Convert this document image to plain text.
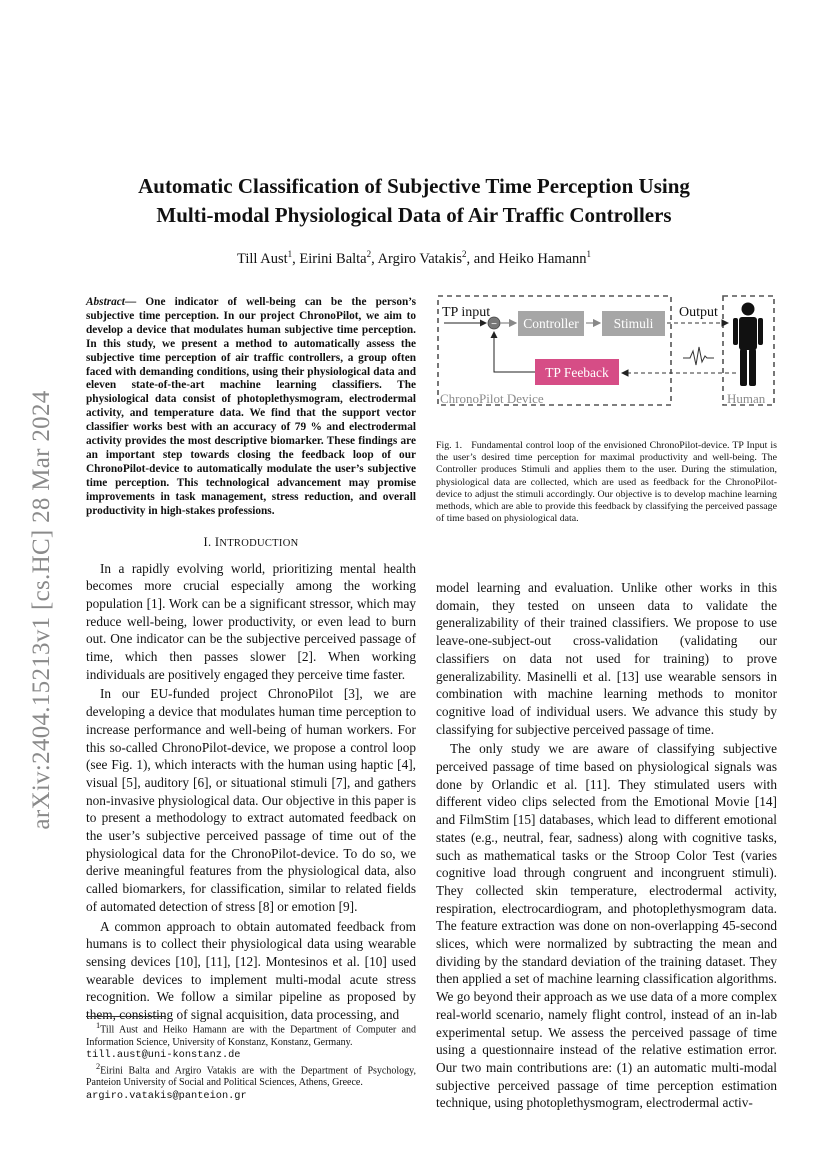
arXiv:2404.15213v1 [cs.HC] 28 Mar 2024
Automatic Classification of Subjective Time Perception Using
Multi-modal Physiological Data of Air Traffic Controllers
Till Aust$^1$, Eirini Balta$^2$, Argiro Vatakis$^2$, and Heiko Hamann$^1$

Abstract— One indicator of well-being can be the person’s subjective time perception. In our project ChronoPilot, we aim to develop a device that modulates human subjective time perception. In this study, we present a method to automatically assess the subjective time perception of air traffic controllers, a group often faced with demanding conditions, using their physiological data and eleven state-of-the-art machine learning classifiers. The physiological data consist of photoplethysmogram, electrodermal activity, and temperature data. We find that the support vector classifier works best with an accuracy of 79 % and electrodermal activity provides the most descriptive biomarker. These findings are an important step towards closing the feedback loop of our ChronoPilot-device to automatically modulate the user’s subjective time perception. This technological advancement may promise improvements in task management, stress reduction, and overall productivity in high-stakes professions.

I. INTRODUCTION

In a rapidly evolving world, prioritizing mental health becomes more crucial especially among the working population [1]. Work can be a significant stressor, which may reduce well-being, lower productivity, or even lead to burn out. One indicator can be the subjective perceived passage of time, which then passes slower [2]. When working individuals are positively engaged they perceive time faster.

In our EU-funded project ChronoPilot [3], we are developing a device that modulates human time perception to increase performance and well-being of human workers. For this so-called ChronoPilot-device, we propose a control loop (see Fig. 1), which interacts with the human using haptic [4], visual [5], auditory [6], or situational stimuli [7], and gathers non-invasive physiological data. Our objective in this paper is to present a methodology to extract automated feedback on the user’s subjective perceived passage of time out of the physiological data for the ChronoPilot-device. To do so, we derive meaningful features from the physiological data, also called biomarkers, for classification, similar to related fields of automated detection of stress [8] or emotion [9].

A common approach to obtain automated feedback from humans is to collect their physiological data using wearable sensing devices [10], [11], [12]. Montesinos et al. [10] used wearable devices to implement multi-modal acute stress recognition. We follow a similar pipeline as proposed by them, consisting of signal acquisition, data processing, and

$^1$Till Aust and Heiko Hamann are with the Department of Computer and Information Science, University of Konstanz, Konstanz, Germany.
till.aust@uni-konstanz.de

$^2$Eirini Balta and Argiro Vatakis are with the Department of Psychology, Panteion University of Social and Political Sciences, Athens, Greece.
argiro.vatakis@panteion.gr

TP input
− Controller	Stimuli
Output
TP Feeback
ChronoPilot Device	Human
Fig. 1. Fundamental control loop of the envisioned ChronoPilot-device. TP Input is the user’s desired time perception for maximal productivity and well-being. The Controller produces Stimuli and applies them to the user. During the stimulation, physiological data are collected, which are used as feedback for the ChronoPilot-device to adjust the stimuli accordingly. Our objective is to develop machine learning methods, which are able to provide this feedback by classifying the perceived passage of time based on physiological data.

model learning and evaluation. Unlike other works in this domain, they tested on unseen data to validate the generalizability of their trained classifiers. We propose to use leave-one-subject-out cross-validation (validating our classifiers on data not used for training) to prove generalizability. Masinelli et al. [13] use wearable sensors in combination with machine learning methods to monitor cognitive load of individual users. We advance this study by classifying for subjective perceived passage of time.

The only study we are aware of classifying subjective perceived passage of time based on physiological signals was done by Orlandic et al. [11]. They stimulated users with different video clips selected from the Emotional Movie [14] and FilmStim [15] databases, which lead to different emotional states (e.g., neutral, fear, sadness) along with cognitive tasks, such as mathematical tasks or the Stroop Color Test (varies cognitive load through congruent and incongruent stimuli). They collected skin temperature, electrodermal activity, respiration, electrocardiogram, and photoplethysmogram data. The feature extraction was done on non-overlapping 45-second slices, which were normalized by subtracting the mean and dividing by the standard deviation of the training dataset. They then applied a set of machine learning classification algorithms. We go beyond their approach as we use data of a more complex real-world scenario, namely flight control, instead of an in-lab experimental setup. We assess the perceived passage of time using a questionnaire instead of the relative estimation error. Our two main contributions are: (1) an automatic multi-modal subjective perceived passage of time perception estimation technique, using photoplethysmogram, electrodermal activ-
